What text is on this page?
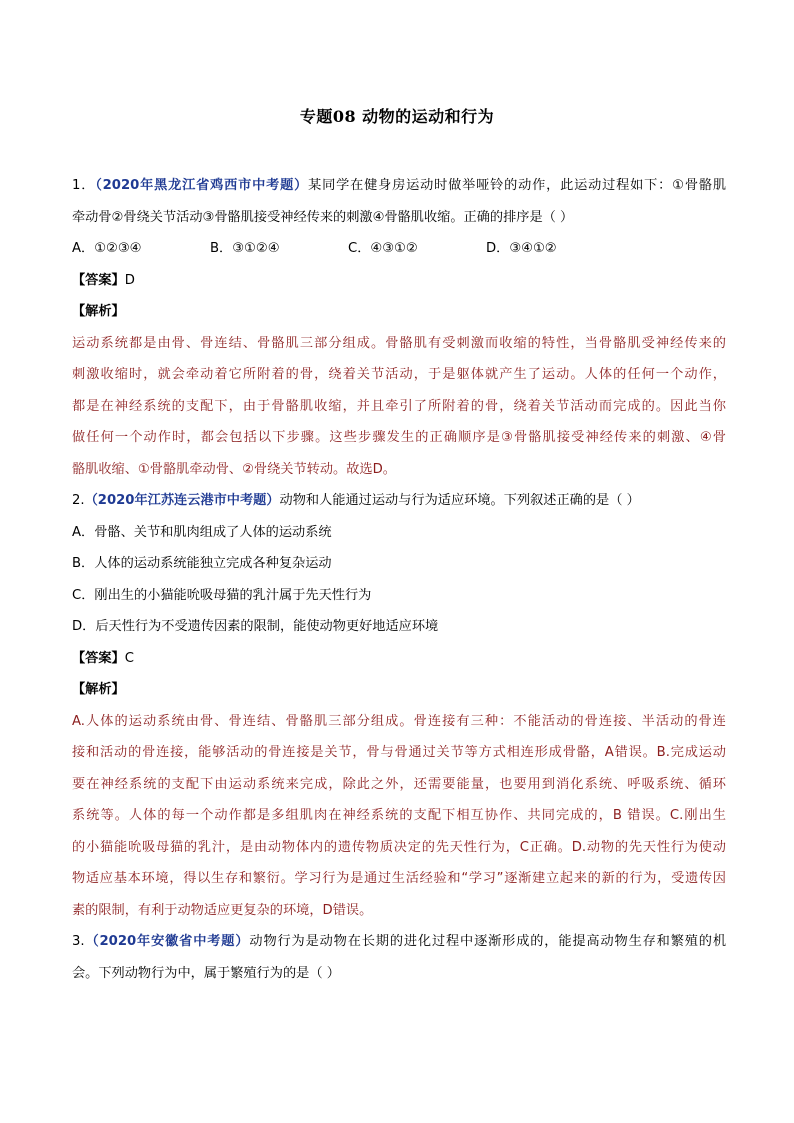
专题08 动物的运动和行为
1．（2020年黑龙江省鸡西市中考题）某同学在健身房运动时做举哑铃的动作，此运动过程如下：①骨骼肌
牵动骨②骨绕关节活动③骨骼肌接受神经传来的刺激④骨骼肌收缩。正确的排序是（ ）
A．①②③④	B．③①②④	C．④③①②	D．③④①②
【答案】D
【解析】
运动系统都是由骨、骨连结、骨骼肌三部分组成。骨骼肌有受刺激而收缩的特性，当骨骼肌受神经传来的
刺激收缩时，就会牵动着它所附着的骨，绕着关节活动，于是躯体就产生了运动。人体的任何一个动作，
都是在神经系统的支配下，由于骨骼肌收缩，并且牵引了所附着的骨，绕着关节活动而完成的。因此当你
做任何一个动作时，都会包括以下步骤。这些步骤发生的正确顺序是③骨骼肌接受神经传来的刺激、④骨
骼肌收缩、①骨骼肌牵动骨、②骨绕关节转动。故选D。
2.（2020年江苏连云港市中考题）动物和人能通过运动与行为适应环境。下列叙述正确的是（ ）
A．骨骼、关节和肌肉组成了人体的运动系统
B．人体的运动系统能独立完成各种复杂运动
C．刚出生的小猫能吮吸母猫的乳汁属于先天性行为
D．后天性行为不受遗传因素的限制，能使动物更好地适应环境
【答案】C
【解析】
A.人体的运动系统由骨、骨连结、骨骼肌三部分组成。骨连接有三种：不能活动的骨连接、半活动的骨连
接和活动的骨连接，能够活动的骨连接是关节，骨与骨通过关节等方式相连形成骨骼，A错误。B.完成运动
要在神经系统的支配下由运动系统来完成，除此之外，还需要能量，也要用到消化系统、呼吸系统、循环
系统等。人体的每一个动作都是多组肌肉在神经系统的支配下相互协作、共同完成的，B 错误。C.刚出生
的小猫能吮吸母猫的乳汁，是由动物体内的遗传物质决定的先天性行为，C正确。D.动物的先天性行为使动
物适应基本环境，得以生存和繁衍。学习行为是通过生活经验和“学习”逐渐建立起来的新的行为，受遗传因
素的限制，有利于动物适应更复杂的环境，D错误。
3.（2020年安徽省中考题）动物行为是动物在长期的进化过程中逐渐形成的，能提高动物生存和繁殖的机
会。下列动物行为中，属于繁殖行为的是（ ）
